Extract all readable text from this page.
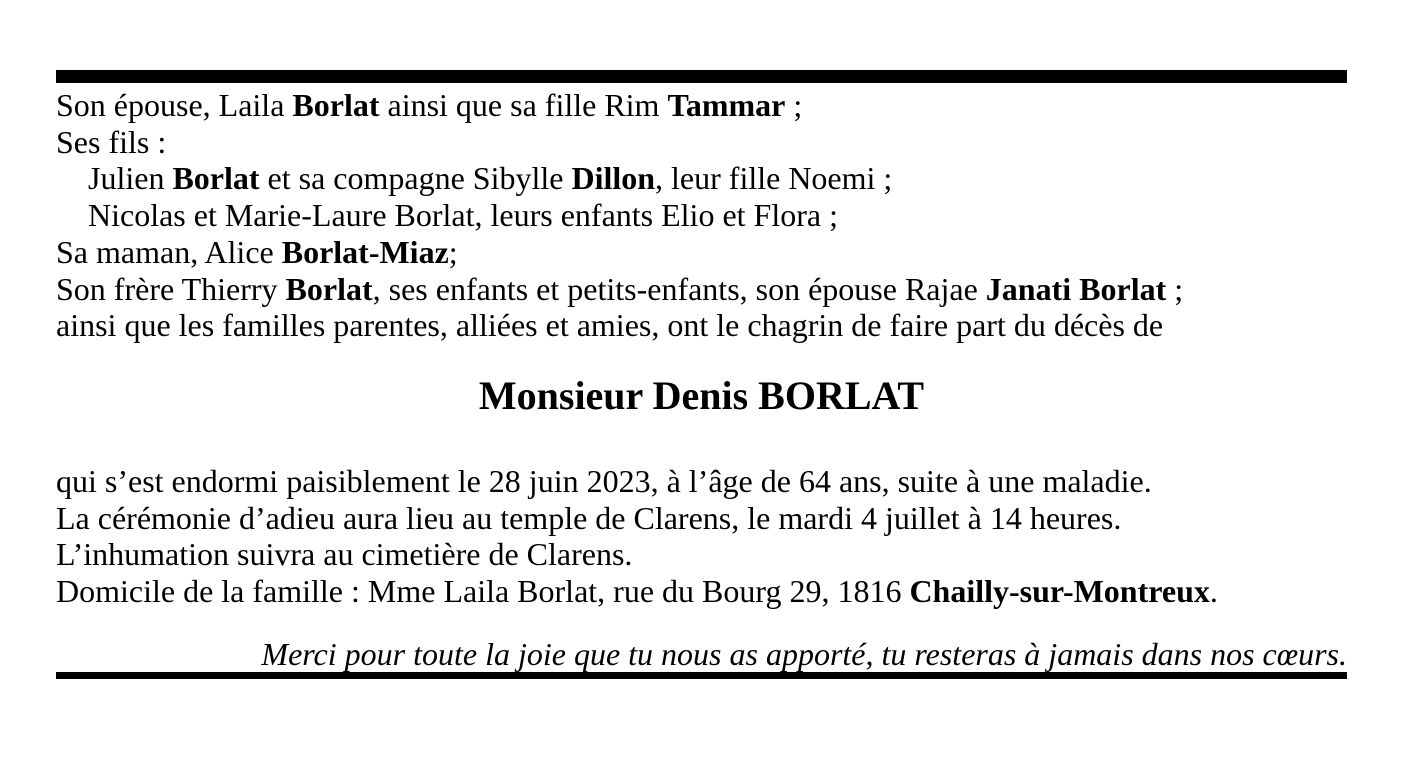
Son épouse, Laila Borlat ainsi que sa fille Rim Tammar ;
Ses fils :
Julien Borlat et sa compagne Sibylle Dillon, leur fille Noemi ;
Nicolas et Marie-Laure Borlat, leurs enfants Elio et Flora ;
Sa maman, Alice Borlat-Miaz;
Son frère Thierry Borlat, ses enfants et petits-enfants, son épouse Rajae Janati Borlat ;
ainsi que les familles parentes, alliées et amies, ont le chagrin de faire part du décès de
Monsieur Denis BORLAT
qui s’est endormi paisiblement le 28 juin 2023, à l’âge de 64 ans, suite à une maladie.
La cérémonie d’adieu aura lieu au temple de Clarens, le mardi 4 juillet à 14 heures.
L’inhumation suivra au cimetière de Clarens.
Domicile de la famille : Mme Laila Borlat, rue du Bourg 29, 1816 Chailly-sur-Montreux.
Merci pour toute la joie que tu nous as apporté, tu resteras à jamais dans nos cœurs.
